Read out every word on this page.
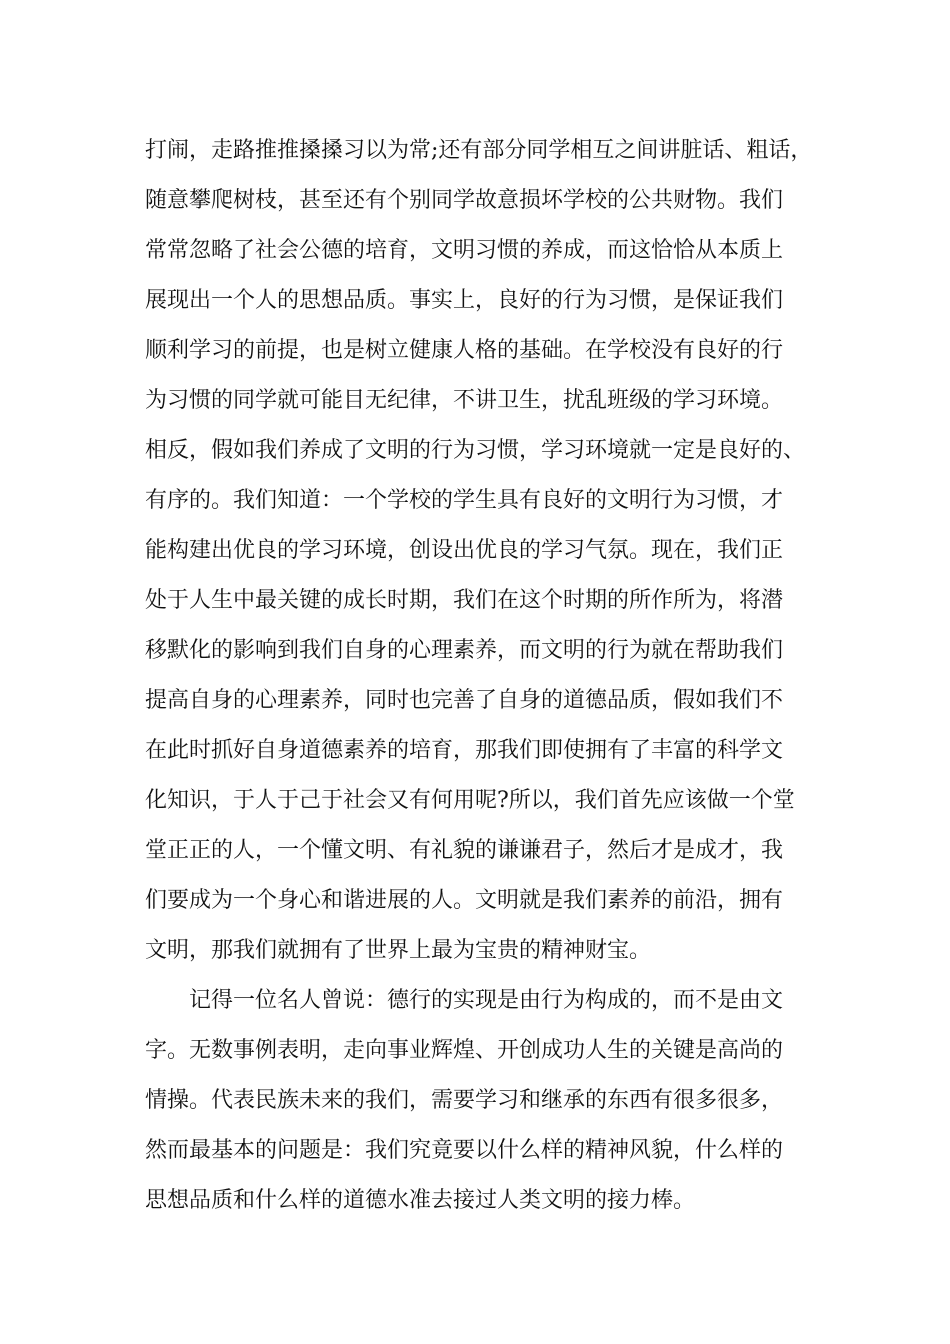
打闹，走路推推搡搡习以为常;还有部分同学相互之间讲脏话、粗话，
随意攀爬树枝，甚至还有个别同学故意损坏学校的公共财物。我们
常常忽略了社会公德的培育，文明习惯的养成，而这恰恰从本质上
展现出一个人的思想品质。事实上，良好的行为习惯，是保证我们
顺利学习的前提，也是树立健康人格的基础。在学校没有良好的行
为习惯的同学就可能目无纪律，不讲卫生，扰乱班级的学习环境。
相反，假如我们养成了文明的行为习惯，学习环境就一定是良好的、
有序的。我们知道：一个学校的学生具有良好的文明行为习惯，才
能构建出优良的学习环境，创设出优良的学习气氛。现在，我们正
处于人生中最关键的成长时期，我们在这个时期的所作所为，将潜
移默化的影响到我们自身的心理素养，而文明的行为就在帮助我们
提高自身的心理素养，同时也完善了自身的道德品质，假如我们不
在此时抓好自身道德素养的培育，那我们即使拥有了丰富的科学文
化知识，于人于己于社会又有何用呢?所以，我们首先应该做一个堂
堂正正的人，一个懂文明、有礼貌的谦谦君子，然后才是成才，我
们要成为一个身心和谐进展的人。文明就是我们素养的前沿，拥有
文明，那我们就拥有了世界上最为宝贵的精神财宝。
记得一位名人曾说：德行的实现是由行为构成的，而不是由文
字。无数事例表明，走向事业辉煌、开创成功人生的关键是高尚的
情操。代表民族未来的我们，需要学习和继承的东西有很多很多，
然而最基本的问题是：我们究竟要以什么样的精神风貌，什么样的
思想品质和什么样的道德水准去接过人类文明的接力棒。
